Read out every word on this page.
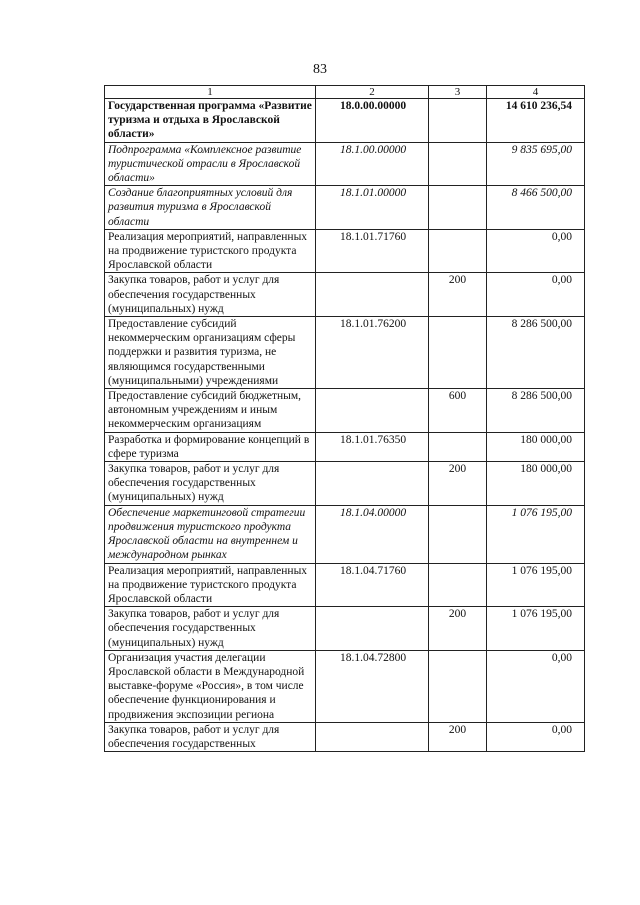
83
1	2	3	4
Государственная программа «Развитие туризма и отдыха в Ярославской области»	18.0.00.00000		14 610 236,54
Подпрограмма «Комплексное развитие туристической отрасли в Ярославской области»	18.1.00.00000		9 835 695,00
Создание благоприятных условий для развития туризма в Ярославской области	18.1.01.00000		8 466 500,00
Реализация мероприятий, направленных на продвижение туристского продукта Ярославской области	18.1.01.71760		0,00
Закупка товаров, работ и услуг для обеспечения государственных (муниципальных) нужд		200	0,00
Предоставление субсидий некоммерческим организациям сферы поддержки и развития туризма, не являющимся государственными (муниципальными) учреждениями	18.1.01.76200		8 286 500,00
Предоставление субсидий бюджетным, автономным учреждениям и иным некоммерческим организациям		600	8 286 500,00
Разработка и формирование концепций в сфере туризма	18.1.01.76350		180 000,00
Закупка товаров, работ и услуг для обеспечения государственных (муниципальных) нужд		200	180 000,00
Обеспечение маркетинговой стратегии продвижения туристского продукта Ярославской области на внутреннем и международном рынках	18.1.04.00000		1 076 195,00
Реализация мероприятий, направленных на продвижение туристского продукта Ярославской области	18.1.04.71760		1 076 195,00
Закупка товаров, работ и услуг для обеспечения государственных (муниципальных) нужд		200	1 076 195,00
Организация участия делегации Ярославской области в Международной выставке-форуме «Россия», в том числе обеспечение функционирования и продвижения экспозиции региона	18.1.04.72800		0,00
Закупка товаров, работ и услуг для обеспечения государственных		200	0,00
